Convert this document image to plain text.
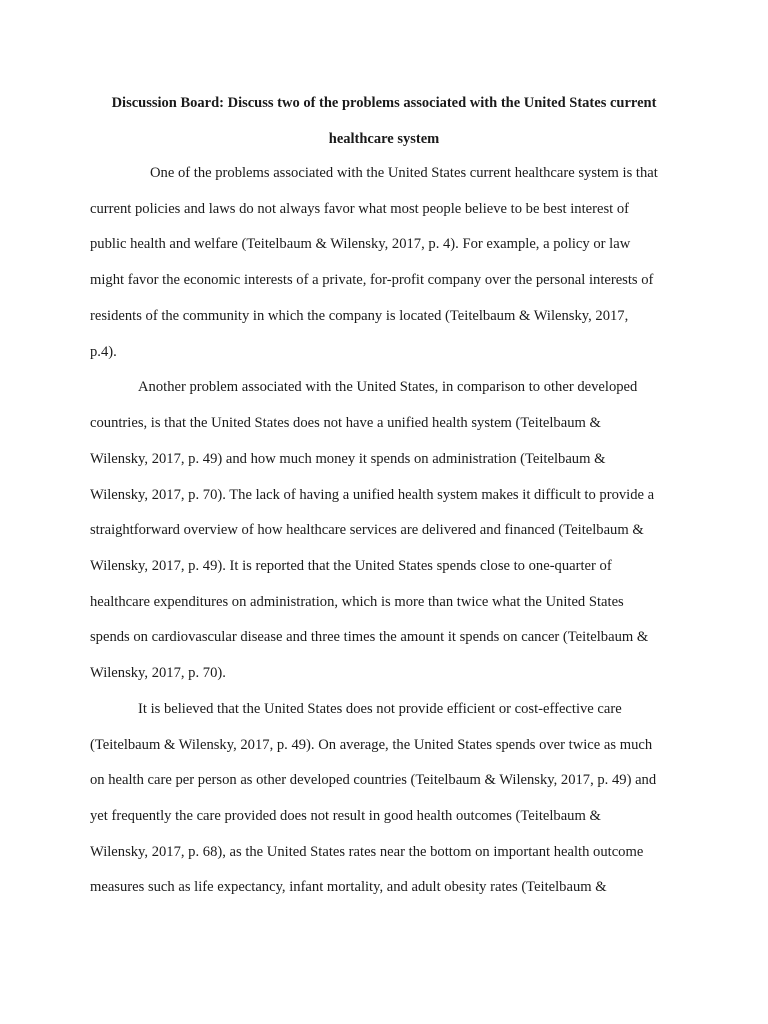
Discussion Board: Discuss two of the problems associated with the United States current
healthcare system
One of the problems associated with the United States current healthcare system is that
current policies and laws do not always favor what most people believe to be best interest of
public health and welfare (Teitelbaum & Wilensky, 2017, p. 4). For example, a policy or law
might favor the economic interests of a private, for-profit company over the personal interests of
residents of the community in which the company is located (Teitelbaum & Wilensky, 2017,
p.4).
Another problem associated with the United States, in comparison to other developed
countries, is that the United States does not have a unified health system (Teitelbaum &
Wilensky, 2017, p. 49) and how much money it spends on administration (Teitelbaum &
Wilensky, 2017, p. 70). The lack of having a unified health system makes it difficult to provide a
straightforward overview of how healthcare services are delivered and financed (Teitelbaum &
Wilensky, 2017, p. 49). It is reported that the United States spends close to one-quarter of
healthcare expenditures on administration, which is more than twice what the United States
spends on cardiovascular disease and three times the amount it spends on cancer (Teitelbaum &
Wilensky, 2017, p. 70).
It is believed that the United States does not provide efficient or cost-effective care
(Teitelbaum & Wilensky, 2017, p. 49). On average, the United States spends over twice as much
on health care per person as other developed countries (Teitelbaum & Wilensky, 2017, p. 49) and
yet frequently the care provided does not result in good health outcomes (Teitelbaum &
Wilensky, 2017, p. 68), as the United States rates near the bottom on important health outcome
measures such as life expectancy, infant mortality, and adult obesity rates (Teitelbaum &
